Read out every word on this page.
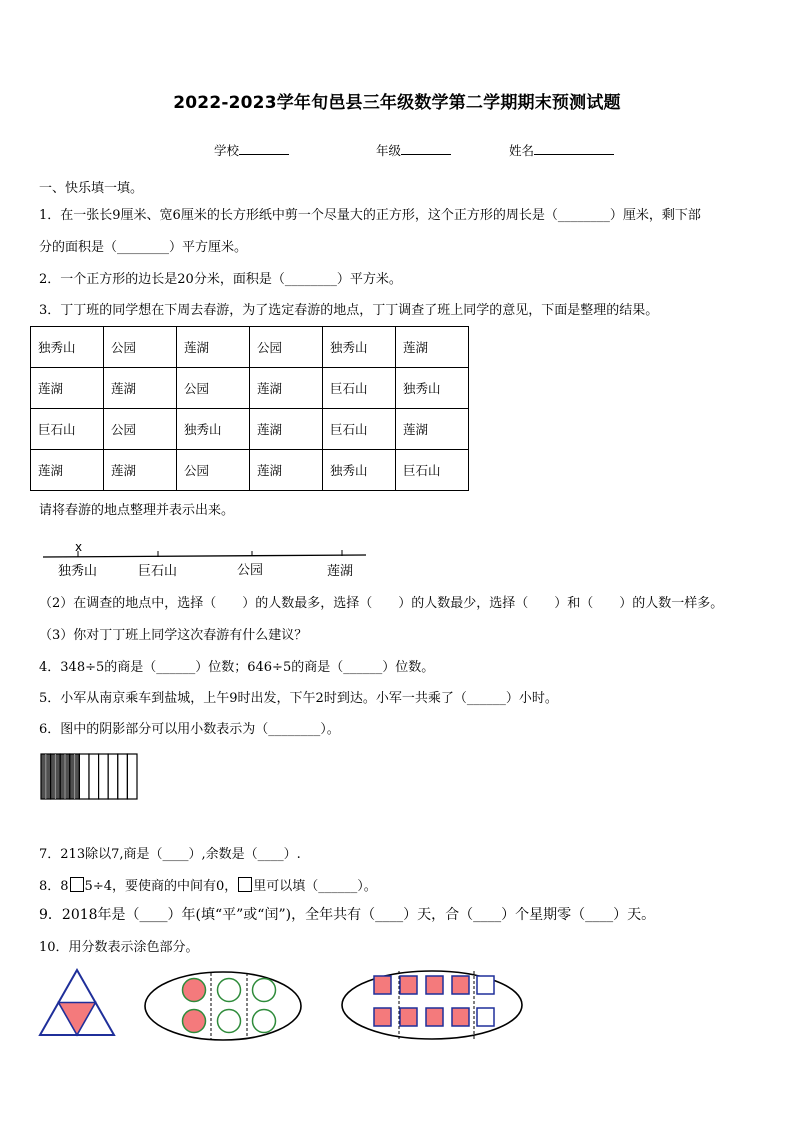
2022-2023学年旬邑县三年级数学第二学期期末预测试题
学校	年级	姓名
一、快乐填一填。
1．在一张长9厘米、宽6厘米的长方形纸中剪一个尽量大的正方形，这个正方形的周长是（________）厘米，剩下部
分的面积是（________）平方厘米。
2．一个正方形的边长是20分米，面积是（________）平方米。
3．丁丁班的同学想在下周去春游，为了选定春游的地点，丁丁调查了班上同学的意见，下面是整理的结果。
独秀山	公园	莲湖	公园	独秀山	莲湖
莲湖	莲湖	公园	莲湖	巨石山	独秀山
巨石山	公园	独秀山	莲湖	巨石山	莲湖
莲湖	莲湖	公园	莲湖	独秀山	巨石山
请将春游的地点整理并表示出来。
x
独秀山	巨石山	公园	莲湖
（2）在调查的地点中，选择（　　）的人数最多，选择（　　）的人数最少，选择（　　）和（　　）的人数一样多。
（3）你对丁丁班上同学这次春游有什么建议？
4．348÷5的商是（______）位数；646÷5的商是（______）位数。
5．小军从南京乘车到盐城，上午9时出发，下午2时到达。小军一共乘了（______）小时。
6．图中的阴影部分可以用小数表示为（________）。
7．213除以7,商是（____）,余数是（____）.
8．8 5÷4，要使商的中间有0， 里可以填（______）。
9．2018年是（____）年(填“平”或“闰”)，全年共有（____）天，合（____）个星期零（____）天。
10．用分数表示涂色部分。
